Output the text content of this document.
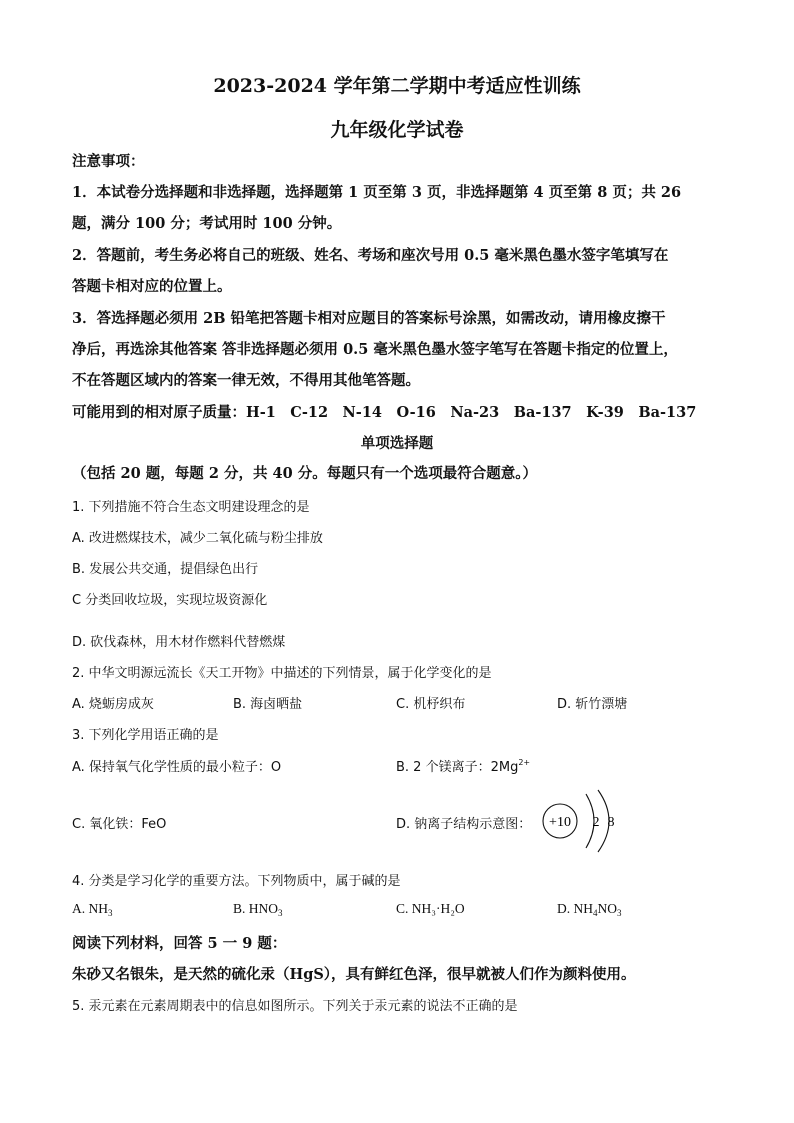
2023-2024 学年第二学期中考适应性训练
九年级化学试卷
注意事项：
1．本试卷分选择题和非选择题，选择题第 1 页至第 3 页，非选择题第 4 页至第 8 页；共 26
题，满分 100 分；考试用时 100 分钟。
2．答题前，考生务必将自己的班级、姓名、考场和座次号用 0.5 毫米黑色墨水签字笔填写在
答题卡相对应的位置上。
3．答选择题必须用 2B 铅笔把答题卡相对应题目的答案标号涂黑，如需改动，请用橡皮擦干
净后，再选涂其他答案 答非选择题必须用 0.5 毫米黑色墨水签字笔写在答题卡指定的位置上，
不在答题区域内的答案一律无效，不得用其他笔答题。
可能用到的相对原子质量：H-1　C-12　N-14　O-16　Na-23　Ba-137　K-39　Ba-137
单项选择题
（包括 20 题，每题 2 分，共 40 分。每题只有一个选项最符合题意。）
1. 下列措施不符合生态文明建设理念的是
A. 改进燃煤技术，减少二氧化硫与粉尘排放
B. 发展公共交通，提倡绿色出行
C 分类回收垃圾，实现垃圾资源化
D. 砍伐森林，用木材作燃料代替燃煤
2. 中华文明源远流长《天工开物》中描述的下列情景，属于化学变化的是
A. 烧蛎房成灰	B. 海卤晒盐	C. 机杼织布	D. 斩竹漂塘
3. 下列化学用语正确的是
A. 保持氧气化学性质的最小粒子：O	B. 2 个镁离子：$2Mg^{2+}$
C. 氧化铁：FeO	D. 钠离子结构示意图： +10 2 8
4. 分类是学习化学的重要方法。下列物质中，属于碱的是
A. $NH_3$	B. $HNO_3$	C. NH₃·H₂O	D. $NH_4NO_3$
阅读下列材料，回答 5 一 9 题：
朱砂又名银朱，是天然的硫化汞（HgS），具有鲜红色泽，很早就被人们作为颜料使用。
5. 汞元素在元素周期表中的信息如图所示。下列关于汞元素的说法不正确的是
